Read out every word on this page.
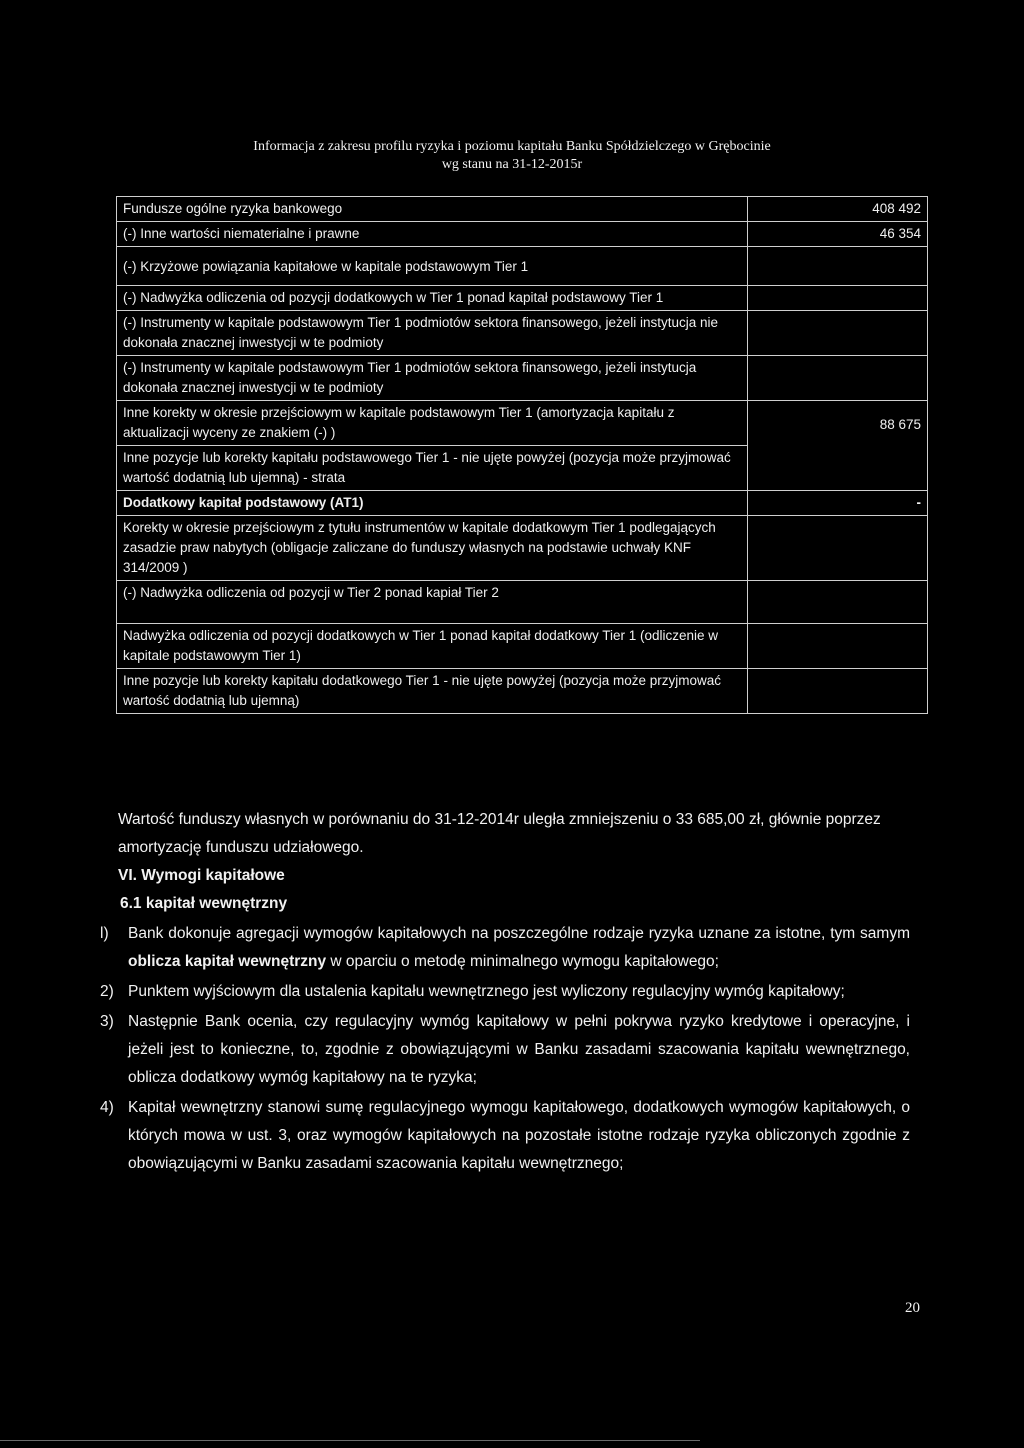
Informacja z zakresu profilu ryzyka i poziomu kapitału Banku Spółdzielczego w Grębocinie
wg stanu na 31-12-2015r
Fundusze ogólne ryzyka bankowego	408 492
(-) Inne wartości niematerialne i prawne	46 354
(-) Krzyżowe powiązania kapitałowe w kapitale podstawowym Tier 1	
(-) Nadwyżka odliczenia od pozycji dodatkowych w Tier 1 ponad kapitał podstawowy Tier 1	
(-) Instrumenty w kapitale podstawowym Tier 1 podmiotów sektora finansowego, jeżeli instytucja nie dokonała znacznej inwestycji w te podmioty	
(-) Instrumenty w kapitale podstawowym Tier 1 podmiotów sektora finansowego, jeżeli instytucja dokonała znacznej inwestycji w te podmioty	
Inne korekty w okresie przejściowym w kapitale podstawowym Tier 1 (amortyzacja kapitału z aktualizacji wyceny ze znakiem (-) )	88 675
Inne pozycje lub korekty kapitału podstawowego Tier 1 - nie ujęte powyżej (pozycja może przyjmować wartość dodatnią lub ujemną) - strata	
Dodatkowy kapitał podstawowy (AT1)	-
Korekty w okresie przejściowym z tytułu instrumentów w kapitale dodatkowym Tier 1 podlegających zasadzie praw nabytych (obligacje zaliczane do funduszy własnych na podstawie uchwały KNF 314/2009 )	
(-) Nadwyżka odliczenia od pozycji w Tier 2 ponad kapiał Tier 2	
Nadwyżka odliczenia od pozycji dodatkowych w Tier 1 ponad kapitał dodatkowy Tier 1 (odliczenie w kapitale podstawowym Tier 1)	
Inne pozycje lub korekty kapitału dodatkowego Tier 1 - nie ujęte powyżej (pozycja może przyjmować wartość dodatnią lub ujemną)	

Wartość funduszy własnych w porównaniu do 31-12-2014r uległa zmniejszeniu o 33 685,00 zł, głównie poprzez amortyzację funduszu udziałowego.

VI. Wymogi kapitałowe
6.1 kapitał wewnętrzny
l) Bank dokonuje agregacji wymogów kapitałowych na poszczególne rodzaje ryzyka uznane za istotne, tym samym oblicza kapitał wewnętrzny w oparciu o metodę minimalnego wymogu kapitałowego;
2) Punktem wyjściowym dla ustalenia kapitału wewnętrznego jest wyliczony regulacyjny wymóg kapitałowy;
3) Następnie Bank ocenia, czy regulacyjny wymóg kapitałowy w pełni pokrywa ryzyko kredytowe i operacyjne, i jeżeli jest to konieczne, to, zgodnie z obowiązującymi w Banku zasadami szacowania kapitału wewnętrznego, oblicza dodatkowy wymóg kapitałowy na te ryzyka;
4) Kapitał wewnętrzny stanowi sumę regulacyjnego wymogu kapitałowego, dodatkowych wymogów kapitałowych, o których mowa w ust. 3, oraz wymogów kapitałowych na pozostałe istotne rodzaje ryzyka obliczonych zgodnie z obowiązującymi w Banku zasadami szacowania kapitału wewnętrznego;
20
